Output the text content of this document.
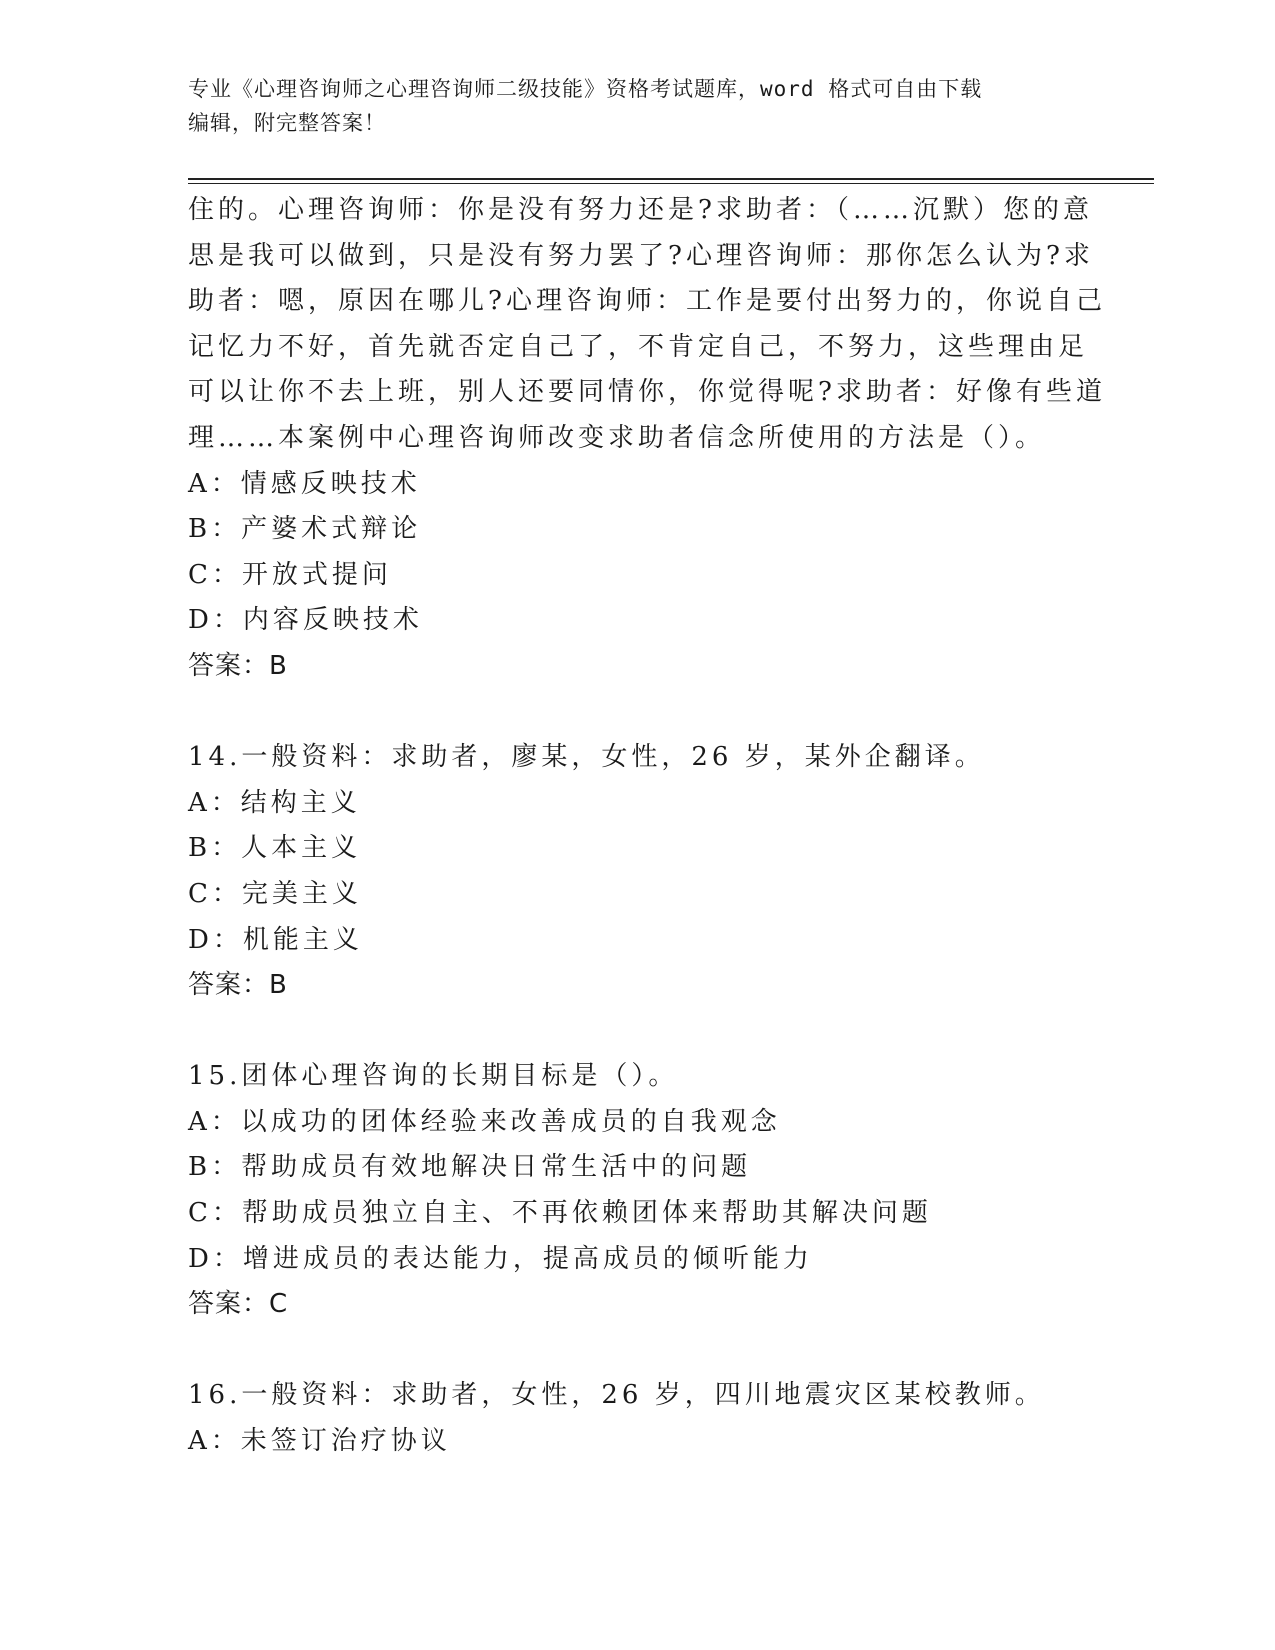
专业《心理咨询师之心理咨询师二级技能》资格考试题库，word 格式可自由下载
编辑，附完整答案！
住的。心理咨询师：你是没有努力还是?求助者：（……沉默）您的意
思是我可以做到，只是没有努力罢了?心理咨询师：那你怎么认为?求
助者：嗯，原因在哪儿?心理咨询师：工作是要付出努力的，你说自己
记忆力不好，首先就否定自己了，不肯定自己，不努力，这些理由足
可以让你不去上班，别人还要同情你，你觉得呢?求助者：好像有些道
理……本案例中心理咨询师改变求助者信念所使用的方法是（）。
A：情感反映技术
B：产婆术式辩论
C：开放式提问
D：内容反映技术
答案：B
14.一般资料：求助者，廖某，女性，26 岁，某外企翻译。
A：结构主义
B：人本主义
C：完美主义
D：机能主义
答案：B
15.团体心理咨询的长期目标是（）。
A：以成功的团体经验来改善成员的自我观念
B：帮助成员有效地解决日常生活中的问题
C：帮助成员独立自主、不再依赖团体来帮助其解决问题
D：增进成员的表达能力，提高成员的倾听能力
答案：C
16.一般资料：求助者，女性，26 岁，四川地震灾区某校教师。
A：未签订治疗协议
